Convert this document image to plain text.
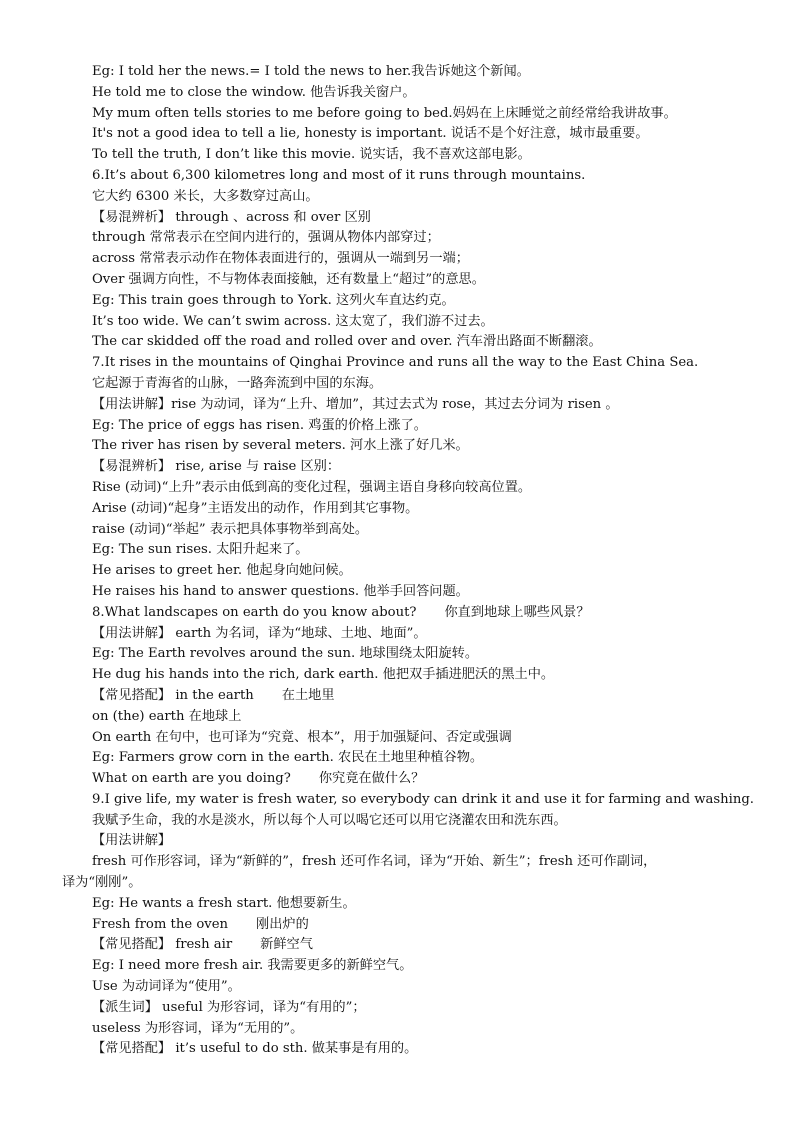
Eg: I told her the news.= I told the news to her.我告诉她这个新闻。
He told me to close the window. 他告诉我关窗户。
My mum often tells stories to me before going to bed.妈妈在上床睡觉之前经常给我讲故事。
It's not a good idea to tell a lie, honesty is important. 说话不是个好注意，城市最重要。
To tell the truth, I don’t like this movie. 说实话，我不喜欢这部电影。
6.It’s about 6,300 kilometres long and most of it runs through mountains.
它大约 6300 米长，大多数穿过高山。
【易混辨析】 through 、across 和 over 区别
through 常常表示在空间内进行的，强调从物体内部穿过；
across 常常表示动作在物体表面进行的，强调从一端到另一端；
Over 强调方向性，不与物体表面接触，还有数量上“超过”的意思。
Eg: This train goes through to York. 这列火车直达约克。
It’s too wide. We can’t swim across. 这太宽了，我们游不过去。
The car skidded off the road and rolled over and over. 汽车滑出路面不断翻滚。
7.It rises in the mountains of Qinghai Province and runs all the way to the East China Sea.
它起源于青海省的山脉，一路奔流到中国的东海。
【用法讲解】rise 为动词，译为“上升、增加”，其过去式为 rose，其过去分词为 risen 。
Eg: The price of eggs has risen. 鸡蛋的价格上涨了。
The river has risen by several meters. 河水上涨了好几米。
【易混辨析】 rise, arise 与 raise 区别：
Rise (动词)“上升”表示由低到高的变化过程，强调主语自身移向较高位置。
Arise (动词)“起身”主语发出的动作，作用到其它事物。
raise (动词)“举起” 表示把具体事物举到高处。
Eg: The sun rises. 太阳升起来了。
He arises to greet her. 他起身向她问候。
He raises his hand to answer questions. 他举手回答问题。
8.What landscapes on earth do you know about? 你直到地球上哪些风景？
【用法讲解】 earth 为名词，译为“地球、土地、地面”。
Eg: The Earth revolves around the sun. 地球围绕太阳旋转。
He dug his hands into the rich, dark earth. 他把双手插进肥沃的黑土中。
【常见搭配】 in the earth 在土地里
on (the) earth 在地球上
On earth 在句中，也可译为“究竟、根本”，用于加强疑问、否定或强调
Eg: Farmers grow corn in the earth. 农民在土地里种植谷物。
What on earth are you doing? 你究竟在做什么？
9.I give life, my water is fresh water, so everybody can drink it and use it for farming and washing.
我赋予生命，我的水是淡水，所以每个人可以喝它还可以用它浇灌农田和洗东西。
【用法讲解】
fresh 可作形容词，译为“新鲜的”，fresh 还可作名词，译为“开始、新生”；fresh 还可作副词，
译为“刚刚”。
Eg: He wants a fresh start. 他想要新生。
Fresh from the oven 刚出炉的
【常见搭配】 fresh air 新鲜空气
Eg: I need more fresh air. 我需要更多的新鲜空气。
Use 为动词译为“使用”。
【派生词】 useful 为形容词，译为“有用的”；
useless 为形容词，译为“无用的”。
【常见搭配】 it’s useful to do sth. 做某事是有用的。
